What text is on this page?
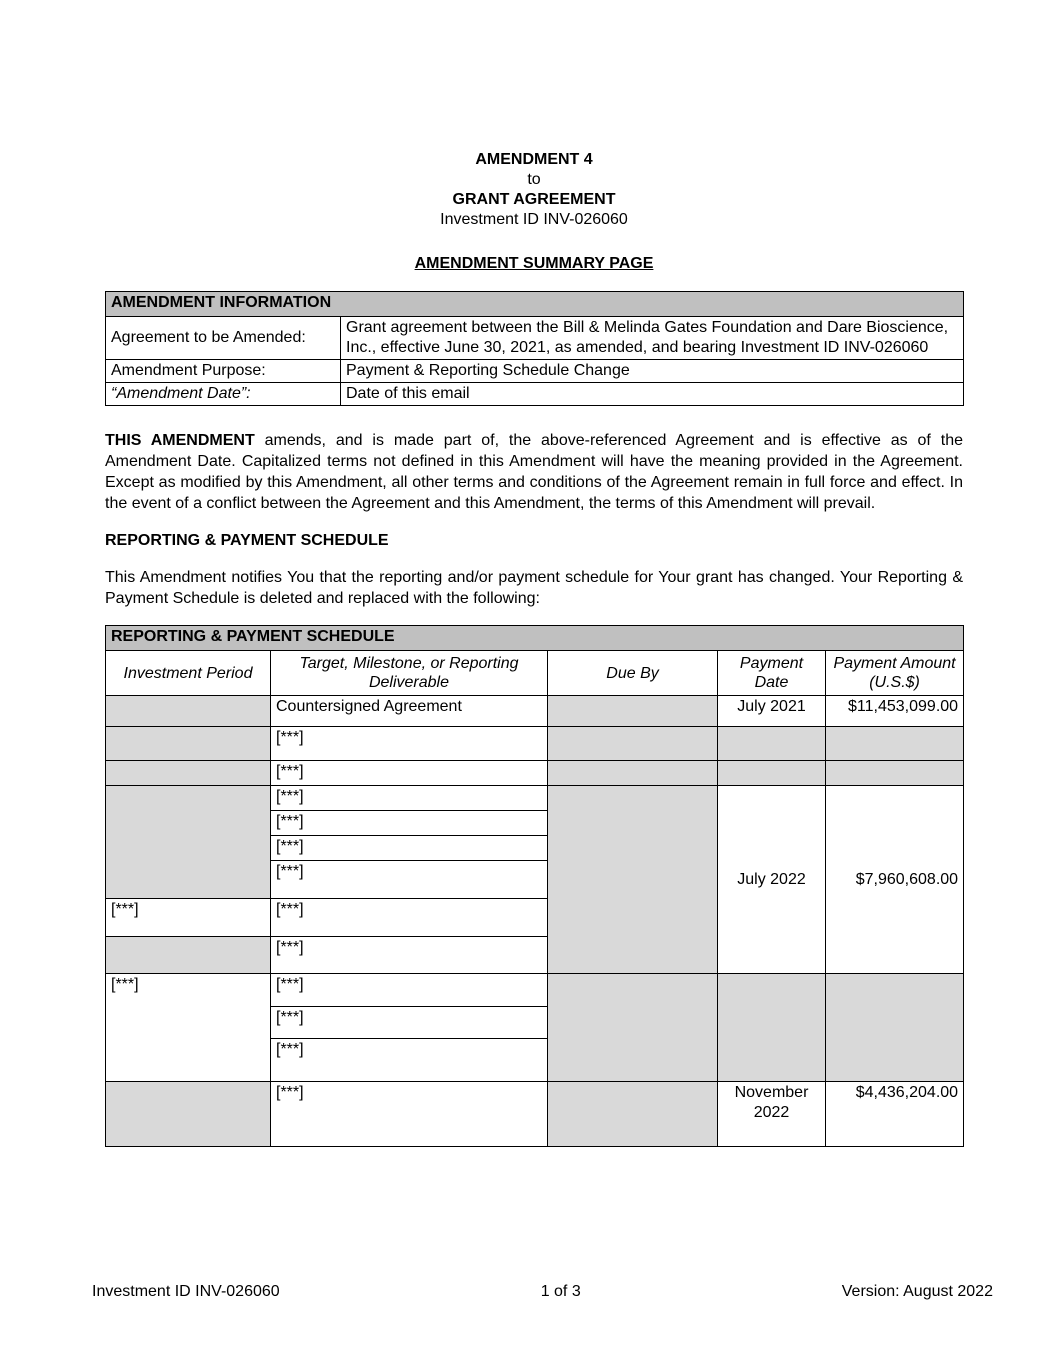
AMENDMENT 4
to
GRANT AGREEMENT
Investment ID INV-026060
AMENDMENT SUMMARY PAGE
AMENDMENT INFORMATION	
Agreement to be Amended:	Grant agreement between the Bill & Melinda Gates Foundation and Dare Bioscience, Inc., effective June 30, 2021, as amended, and bearing Investment ID INV-026060
Amendment Purpose:	Payment & Reporting Schedule Change
“Amendment Date”:	Date of this email

THIS AMENDMENT amends, and is made part of, the above-referenced Agreement and is effective as of the Amendment Date. Capitalized terms not defined in this Amendment will have the meaning provided in the Agreement. Except as modified by this Amendment, all other terms and conditions of the Agreement remain in full force and effect. In the event of a conflict between the Agreement and this Amendment, the terms of this Amendment will prevail.

REPORTING & PAYMENT SCHEDULE

This Amendment notifies You that the reporting and/or payment schedule for Your grant has changed. Your Reporting & Payment Schedule is deleted and replaced with the following:

REPORTING & PAYMENT SCHEDULE				
Investment Period	Target, Milestone, or Reporting Deliverable	Due By	Payment Date	Payment Amount (U.S.$)
	Countersigned Agreement		July 2021	$11,453,099.00
	[***]			
	[***]			
	[***]		July 2022	$7,960,608.00
	[***]			
	[***]			
	[***]			
[***]	[***]			
	[***]			
[***]	[***]			
	[***]			
	[***]			
	[***]		November 2022	$4,436,204.00
Investment ID INV-026060	1 of 3	Version: August 2022
